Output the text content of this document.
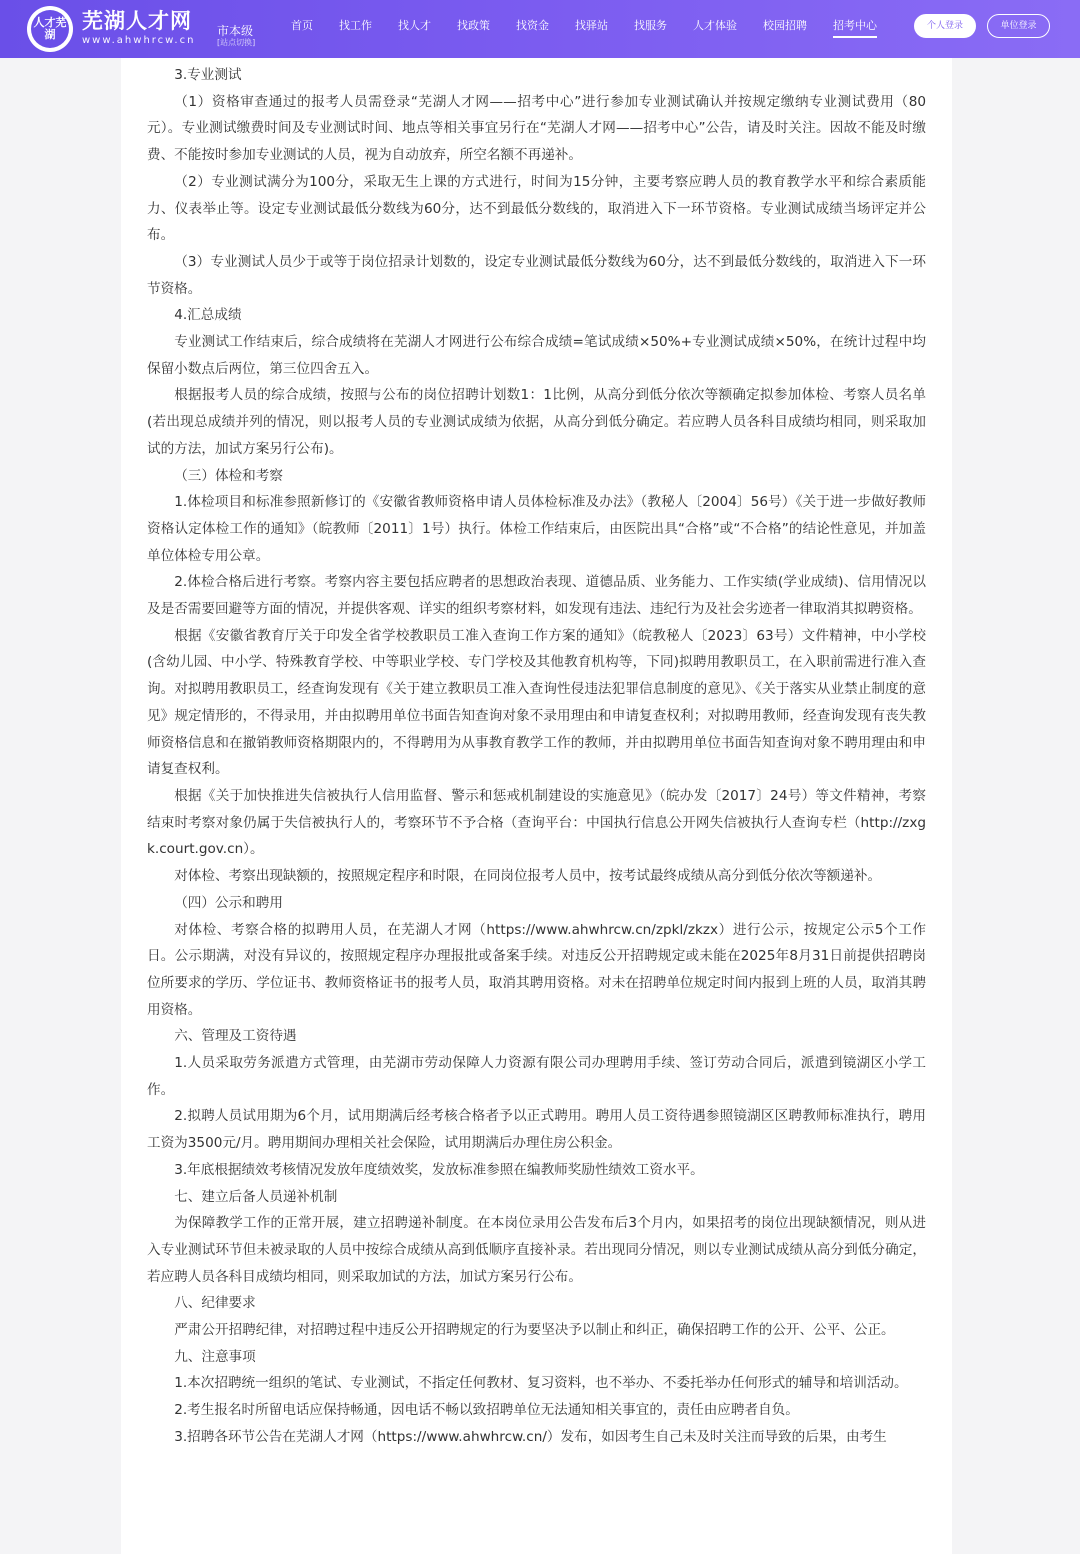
人才芜湖
芜湖人才网
www.ahwhrcw.cn
市本级
[站点切换]
首页	找工作	找人才	找政策	找资金	找驿站	找服务	人才体验	校园招聘	招考中心	个人登录	单位登录

3.专业测试

（1）资格审查通过的报考人员需登录“芜湖人才网——招考中心”进行参加专业测试确认并按规定缴纳专业测试费用（80元）。专业测试缴费时间及专业测试时间、地点等相关事宜另行在“芜湖人才网——招考中心”公告，请及时关注。因故不能及时缴费、不能按时参加专业测试的人员，视为自动放弃，所空名额不再递补。

（2）专业测试满分为100分，采取无生上课的方式进行，时间为15分钟，主要考察应聘人员的教育教学水平和综合素质能力、仪表举止等。设定专业测试最低分数线为60分，达不到最低分数线的，取消进入下一环节资格。专业测试成绩当场评定并公布。

（3）专业测试人员少于或等于岗位招录计划数的，设定专业测试最低分数线为60分，达不到最低分数线的，取消进入下一环节资格。

4.汇总成绩

专业测试工作结束后，综合成绩将在芜湖人才网进行公布综合成绩=笔试成绩×50%+专业测试成绩×50%，在统计过程中均保留小数点后两位，第三位四舍五入。

根据报考人员的综合成绩，按照与公布的岗位招聘计划数1：1比例，从高分到低分依次等额确定拟参加体检、考察人员名单(若出现总成绩并列的情况，则以报考人员的专业测试成绩为依据，从高分到低分确定。若应聘人员各科目成绩均相同，则采取加试的方法，加试方案另行公布)。

（三）体检和考察

1.体检项目和标准参照新修订的《安徽省教师资格申请人员体检标准及办法》（教秘人〔2004〕56号）《关于进一步做好教师资格认定体检工作的通知》（皖教师〔2011〕1号）执行。体检工作结束后，由医院出具“合格”或“不合格”的结论性意见，并加盖单位体检专用公章。

2.体检合格后进行考察。考察内容主要包括应聘者的思想政治表现、道德品质、业务能力、工作实绩(学业成绩)、信用情况以及是否需要回避等方面的情况，并提供客观、详实的组织考察材料，如发现有违法、违纪行为及社会劣迹者一律取消其拟聘资格。

根据《安徽省教育厅关于印发全省学校教职员工准入查询工作方案的通知》（皖教秘人〔2023〕63号）文件精神，中小学校(含幼儿园、中小学、特殊教育学校、中等职业学校、专门学校及其他教育机构等，下同)拟聘用教职员工，在入职前需进行准入查询。对拟聘用教职员工，经查询发现有《关于建立教职员工准入查询性侵违法犯罪信息制度的意见》、《关于落实从业禁止制度的意见》规定情形的，不得录用，并由拟聘用单位书面告知查询对象不录用理由和申请复查权利；对拟聘用教师，经查询发现有丧失教师资格信息和在撤销教师资格期限内的，不得聘用为从事教育教学工作的教师，并由拟聘用单位书面告知查询对象不聘用理由和申请复查权利。

根据《关于加快推进失信被执行人信用监督、警示和惩戒机制建设的实施意见》（皖办发〔2017〕24号）等文件精神，考察结束时考察对象仍属于失信被执行人的，考察环节不予合格（查询平台：中国执行信息公开网失信被执行人查询专栏（http://zxgk.court.gov.cn）。

对体检、考察出现缺额的，按照规定程序和时限，在同岗位报考人员中，按考试最终成绩从高分到低分依次等额递补。

（四）公示和聘用

对体检、考察合格的拟聘用人员，在芜湖人才网（https://www.ahwhrcw.cn/zpkl/zkzx）进行公示，按规定公示5个工作日。公示期满，对没有异议的，按照规定程序办理报批或备案手续。对违反公开招聘规定或未能在2025年8月31日前提供招聘岗位所要求的学历、学位证书、教师资格证书的报考人员，取消其聘用资格。对未在招聘单位规定时间内报到上班的人员，取消其聘用资格。

六、管理及工资待遇

1.人员采取劳务派遣方式管理，由芜湖市劳动保障人力资源有限公司办理聘用手续、签订劳动合同后，派遣到镜湖区小学工作。

2.拟聘人员试用期为6个月，试用期满后经考核合格者予以正式聘用。聘用人员工资待遇参照镜湖区区聘教师标准执行，聘用工资为3500元/月。聘用期间办理相关社会保险，试用期满后办理住房公积金。

3.年底根据绩效考核情况发放年度绩效奖，发放标准参照在编教师奖励性绩效工资水平。

七、建立后备人员递补机制

为保障教学工作的正常开展，建立招聘递补制度。在本岗位录用公告发布后3个月内，如果招考的岗位出现缺额情况，则从进入专业测试环节但未被录取的人员中按综合成绩从高到低顺序直接补录。若出现同分情况，则以专业测试成绩从高分到低分确定，若应聘人员各科目成绩均相同，则采取加试的方法，加试方案另行公布。

八、纪律要求

严肃公开招聘纪律，对招聘过程中违反公开招聘规定的行为要坚决予以制止和纠正，确保招聘工作的公开、公平、公正。

九、注意事项

1.本次招聘统一组织的笔试、专业测试，不指定任何教材、复习资料，也不举办、不委托举办任何形式的辅导和培训活动。

2.考生报名时所留电话应保持畅通，因电话不畅以致招聘单位无法通知相关事宜的，责任由应聘者自负。

3.招聘各环节公告在芜湖人才网（https://www.ahwhrcw.cn/）发布，如因考生自己未及时关注而导致的后果，由考生
